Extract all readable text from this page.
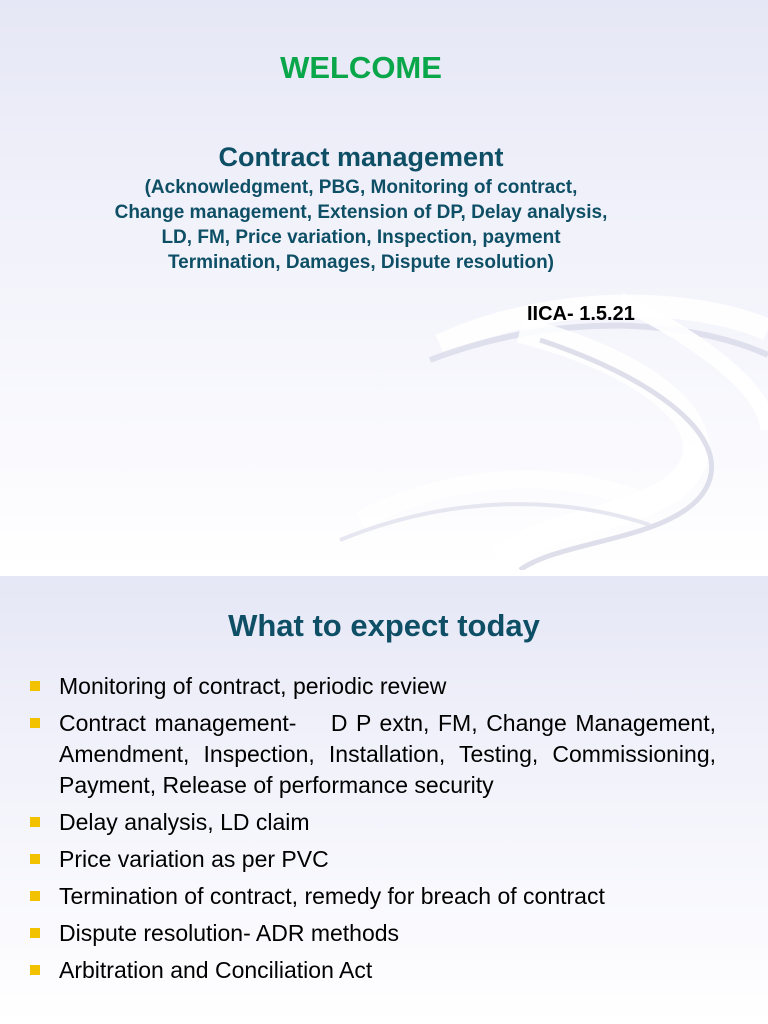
WELCOME
Contract management
(Acknowledgment, PBG, Monitoring of contract,
Change management, Extension of DP, Delay analysis,
LD, FM, Price variation, Inspection, payment
Termination, Damages, Dispute resolution)
IICA- 1.5.21
What to expect today
Monitoring of contract, periodic review
Contract management-    D P extn, FM, Change Management, Amendment, Inspection, Installation, Testing, Commissioning, Payment, Release of performance security
Delay analysis, LD claim
Price variation as per PVC
Termination of contract, remedy for breach of contract
Dispute resolution- ADR methods
Arbitration and Conciliation Act
